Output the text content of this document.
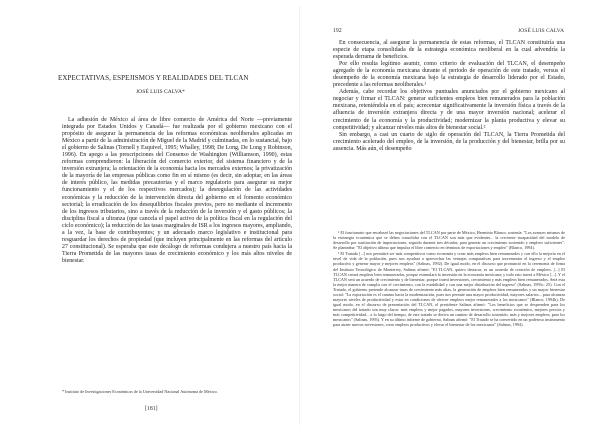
EXPECTATIVAS, ESPEJISMOS Y REALIDADES DEL TLCAN
JOSÉ LUIS CALVA*

La adhesión de México al área de libre comercio de América del Norte —previamente integrada por Estados Unidos y Canadá— fue realizada por el gobierno mexicano con el propósito de asegurar la permanencia de las reformas económicas neoliberales aplicadas en México a partir de la administración de Miguel de la Madrid y culminadas, en lo sustancial, bajo el gobierno de Salinas (Tornell y Esquivel, 1995; Whalley, 1998; De Long, De Long y Robinson, 1996). En apego a las prescripciones del Consenso de Washington (Williamson, 1990), estas reformas comprendieron: la liberación del comercio exterior, del sistema financiero y de la inversión extranjera; la orientación de la economía hacia los mercados externos; la privatización de la mayoría de las empresas públicas como fin en sí mismo (es decir, sin adoptar, en las áreas de interés público, las medidas precautorias y el marco regulatorio para asegurar su mejor funcionamiento y el de los respectivos mercados); la desregulación de las actividades económicas y la reducción de la intervención directa del gobierno en el fomento económico sectorial; la erradicación de los desequilibrios fiscales previos, pero no mediante el incremento de los ingresos tributarios, sino a través de la reducción de la inversión y el gasto públicos; la disciplina fiscal a ultranza (que cancela el papel activo de la política fiscal en la regulación del ciclo económico); la reducción de las tasas marginales de ISR a los ingresos mayores, ampliando, a la vez, la base de contribuyentes; y un adecuado marco legislativo e institucional para resguardar los derechos de propiedad (que incluyen principalmente en las reformas del artículo 27 constitucional). Se esperaba que este decálogo de reformas condujera a nuestro país hacia la Tierra Prometida de las mayores tasas de crecimiento económico y los más altos niveles de bienestar.

* Instituto de Investigaciones Económicas de la Universidad Nacional Autónoma de México.
[181]
192	JOSÉ LUIS CALVA

En consecuencia, al asegurar la permanencia de estas reformas, el TLCAN constituiría una especie de etapa consolidada de la estrategia económica neoliberal en la cual advendría la esperada derrama de beneficios.

Por ello resulta legítimo asumir, como criterio de evaluación del TLCAN, el desempeño agregado de la economía mexicana durante el periodo de operación de este tratado, versus el desempeño de la economía mexicana bajo la estrategia de desarrollo liderado por el Estado, precedente a las reformas neoliberales.¹

Además, cabe recordar los objetivos puntuales anunciados por el gobierno mexicano al negociar y firmar el TLCAN: generar suficientes empleos bien remunerados para la población mexicana, reteniéndola en el país; acrecentar significativamente la inversión física a través de la afluencia de inversión extranjera directa y de una mayor inversión nacional; acelerar el crecimiento de la economía y la productividad; modernizar la planta productiva y elevar su competitividad; y alcanzar niveles más altos de bienestar social.²

Sin embargo, a casi un cuarto de siglo de operación del TLCAN, la Tierra Prometida del crecimiento acelerado del empleo, de la inversión, de la producción y del bienestar, brilla por su ausencia. Más aún, el desempeño

¹ El funcionario que encabezó las negociaciones del TLCAN por parte de México, Herminio Blanco, sostenía: "Los avances mismos de la estrategia económica que se deben consolidar con el TLCAN son más que evidentes... la creciente incapacidad del modelo de desarrollo por sustitución de importaciones, seguido durante tres décadas, para generar un crecimiento sostenido y empleos suficientes". Se planteaba: "El objetivo último que impulsa el libre comercio en términos de exportaciones y empleo" (Blanco, 1994).

² El Tratado [...] nos permitirá ser más competitivos como economía y crear más empleos bien remunerados y con ello la mejoría en el nivel de vida de la población, pues nos ayudará a aprovechar las ventajas comparativas para incrementar el ingreso y el empleo productivo y generar mayor y mejores empleos" (Salinas, 1992). De igual modo, en el discurso que pronunció en la ceremonia de firma del Instituto Tecnológico de Monterrey, Salinas afirmó: "El TLCAN, quiero destacar, es un acuerdo de creación de empleos. [...] El TLCAN creará empleos bien remunerados, porque estimulará la inversión en la economía mexicana; y todo esto traerá a México [...]. Y el TLCAN será un acuerdo de crecimiento y de bienestar, porque traerá inversiones, crecimiento y más empleos bien remunerados. Será esta la mejor manera de cumplir con el crecimiento, con la estabilidad y con una mejor distribución del ingreso" (Salinas, 1993c: 25). Con el Tratado, el gobierno pretende alcanzar tasas de crecimiento más altas, la generación de empleos bien remunerados y un mayor bienestar social: "La exportación es el camino hacia la modernización, pues nos permite una mayor productividad, mayores salarios... para alcanzar mayores niveles de productividad y estar en condiciones de ofrecer empleos mejor remunerados a los mexicanos" (Blanco, 1994b). De igual modo, en el discurso de presentación del TLCAN, el presidente Salinas afirmó: "Los beneficios que se desprenden para los mexicanos del tratado son muy claros: más empleos y mejor pagados, mayores inversiones, crecimiento económico, mejores precios y más competitividad... a lo largo del tiempo, de este tratado se deriva un camino de desarrollo sostenido, más y mejores empleos, para los mexicanos" (Salinas, 1993). Y en su último informe de gobierno, Salinas afirmó: "El Tratado se ha convertido en un poderoso instrumento para atraer nuevas inversiones, crear empleos productivos y elevar el bienestar de los mexicanos" (Salinas, 1994).
